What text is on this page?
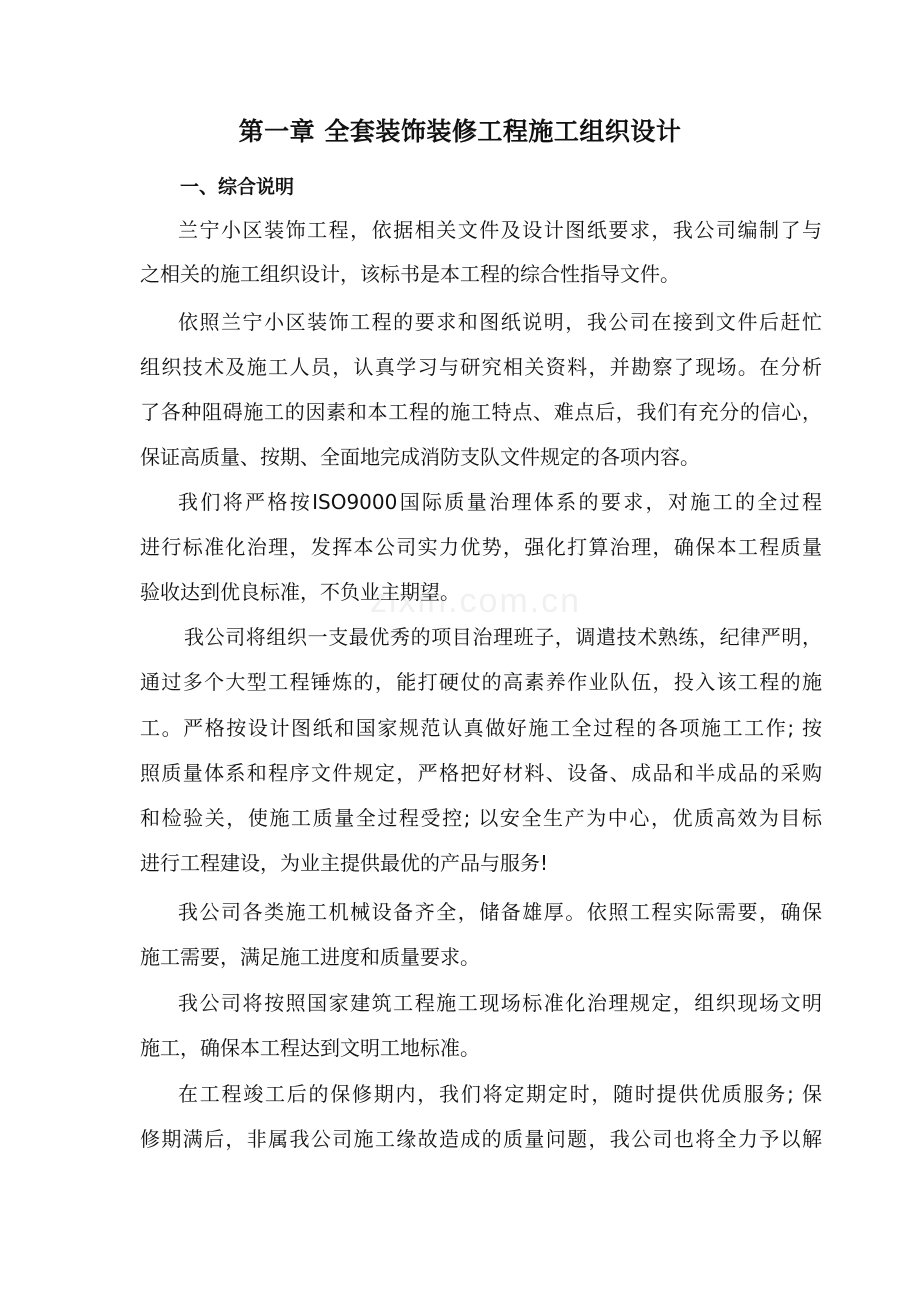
zixin.com.cn
第一章 全套装饰装修工程施工组织设计
一、综合说明
兰宁小区装饰工程，依据相关文件及设计图纸要求，我公司编制了与
之相关的施工组织设计，该标书是本工程的综合性指导文件。
依照兰宁小区装饰工程的要求和图纸说明，我公司在接到文件后赶忙
组织技术及施工人员，认真学习与研究相关资料，并勘察了现场。在分析
了各种阻碍施工的因素和本工程的施工特点、难点后，我们有充分的信心，
保证高质量、按期、全面地完成消防支队文件规定的各项内容。
我们将严格按ISO9000国际质量治理体系的要求，对施工的全过程
进行标准化治理，发挥本公司实力优势，强化打算治理，确保本工程质量
验收达到优良标准，不负业主期望。
我公司将组织一支最优秀的项目治理班子，调遣技术熟练，纪律严明，
通过多个大型工程锤炼的，能打硬仗的高素养作业队伍，投入该工程的施
工。严格按设计图纸和国家规范认真做好施工全过程的各项施工工作; 按
照质量体系和程序文件规定，严格把好材料、设备、成品和半成品的采购
和检验关，使施工质量全过程受控; 以安全生产为中心，优质高效为目标
进行工程建设，为业主提供最优的产品与服务!
我公司各类施工机械设备齐全，储备雄厚。依照工程实际需要，确保
施工需要，满足施工进度和质量要求。
我公司将按照国家建筑工程施工现场标准化治理规定，组织现场文明
施工，确保本工程达到文明工地标准。
在工程竣工后的保修期内，我们将定期定时，随时提供优质服务; 保
修期满后，非属我公司施工缘故造成的质量问题，我公司也将全力予以解
